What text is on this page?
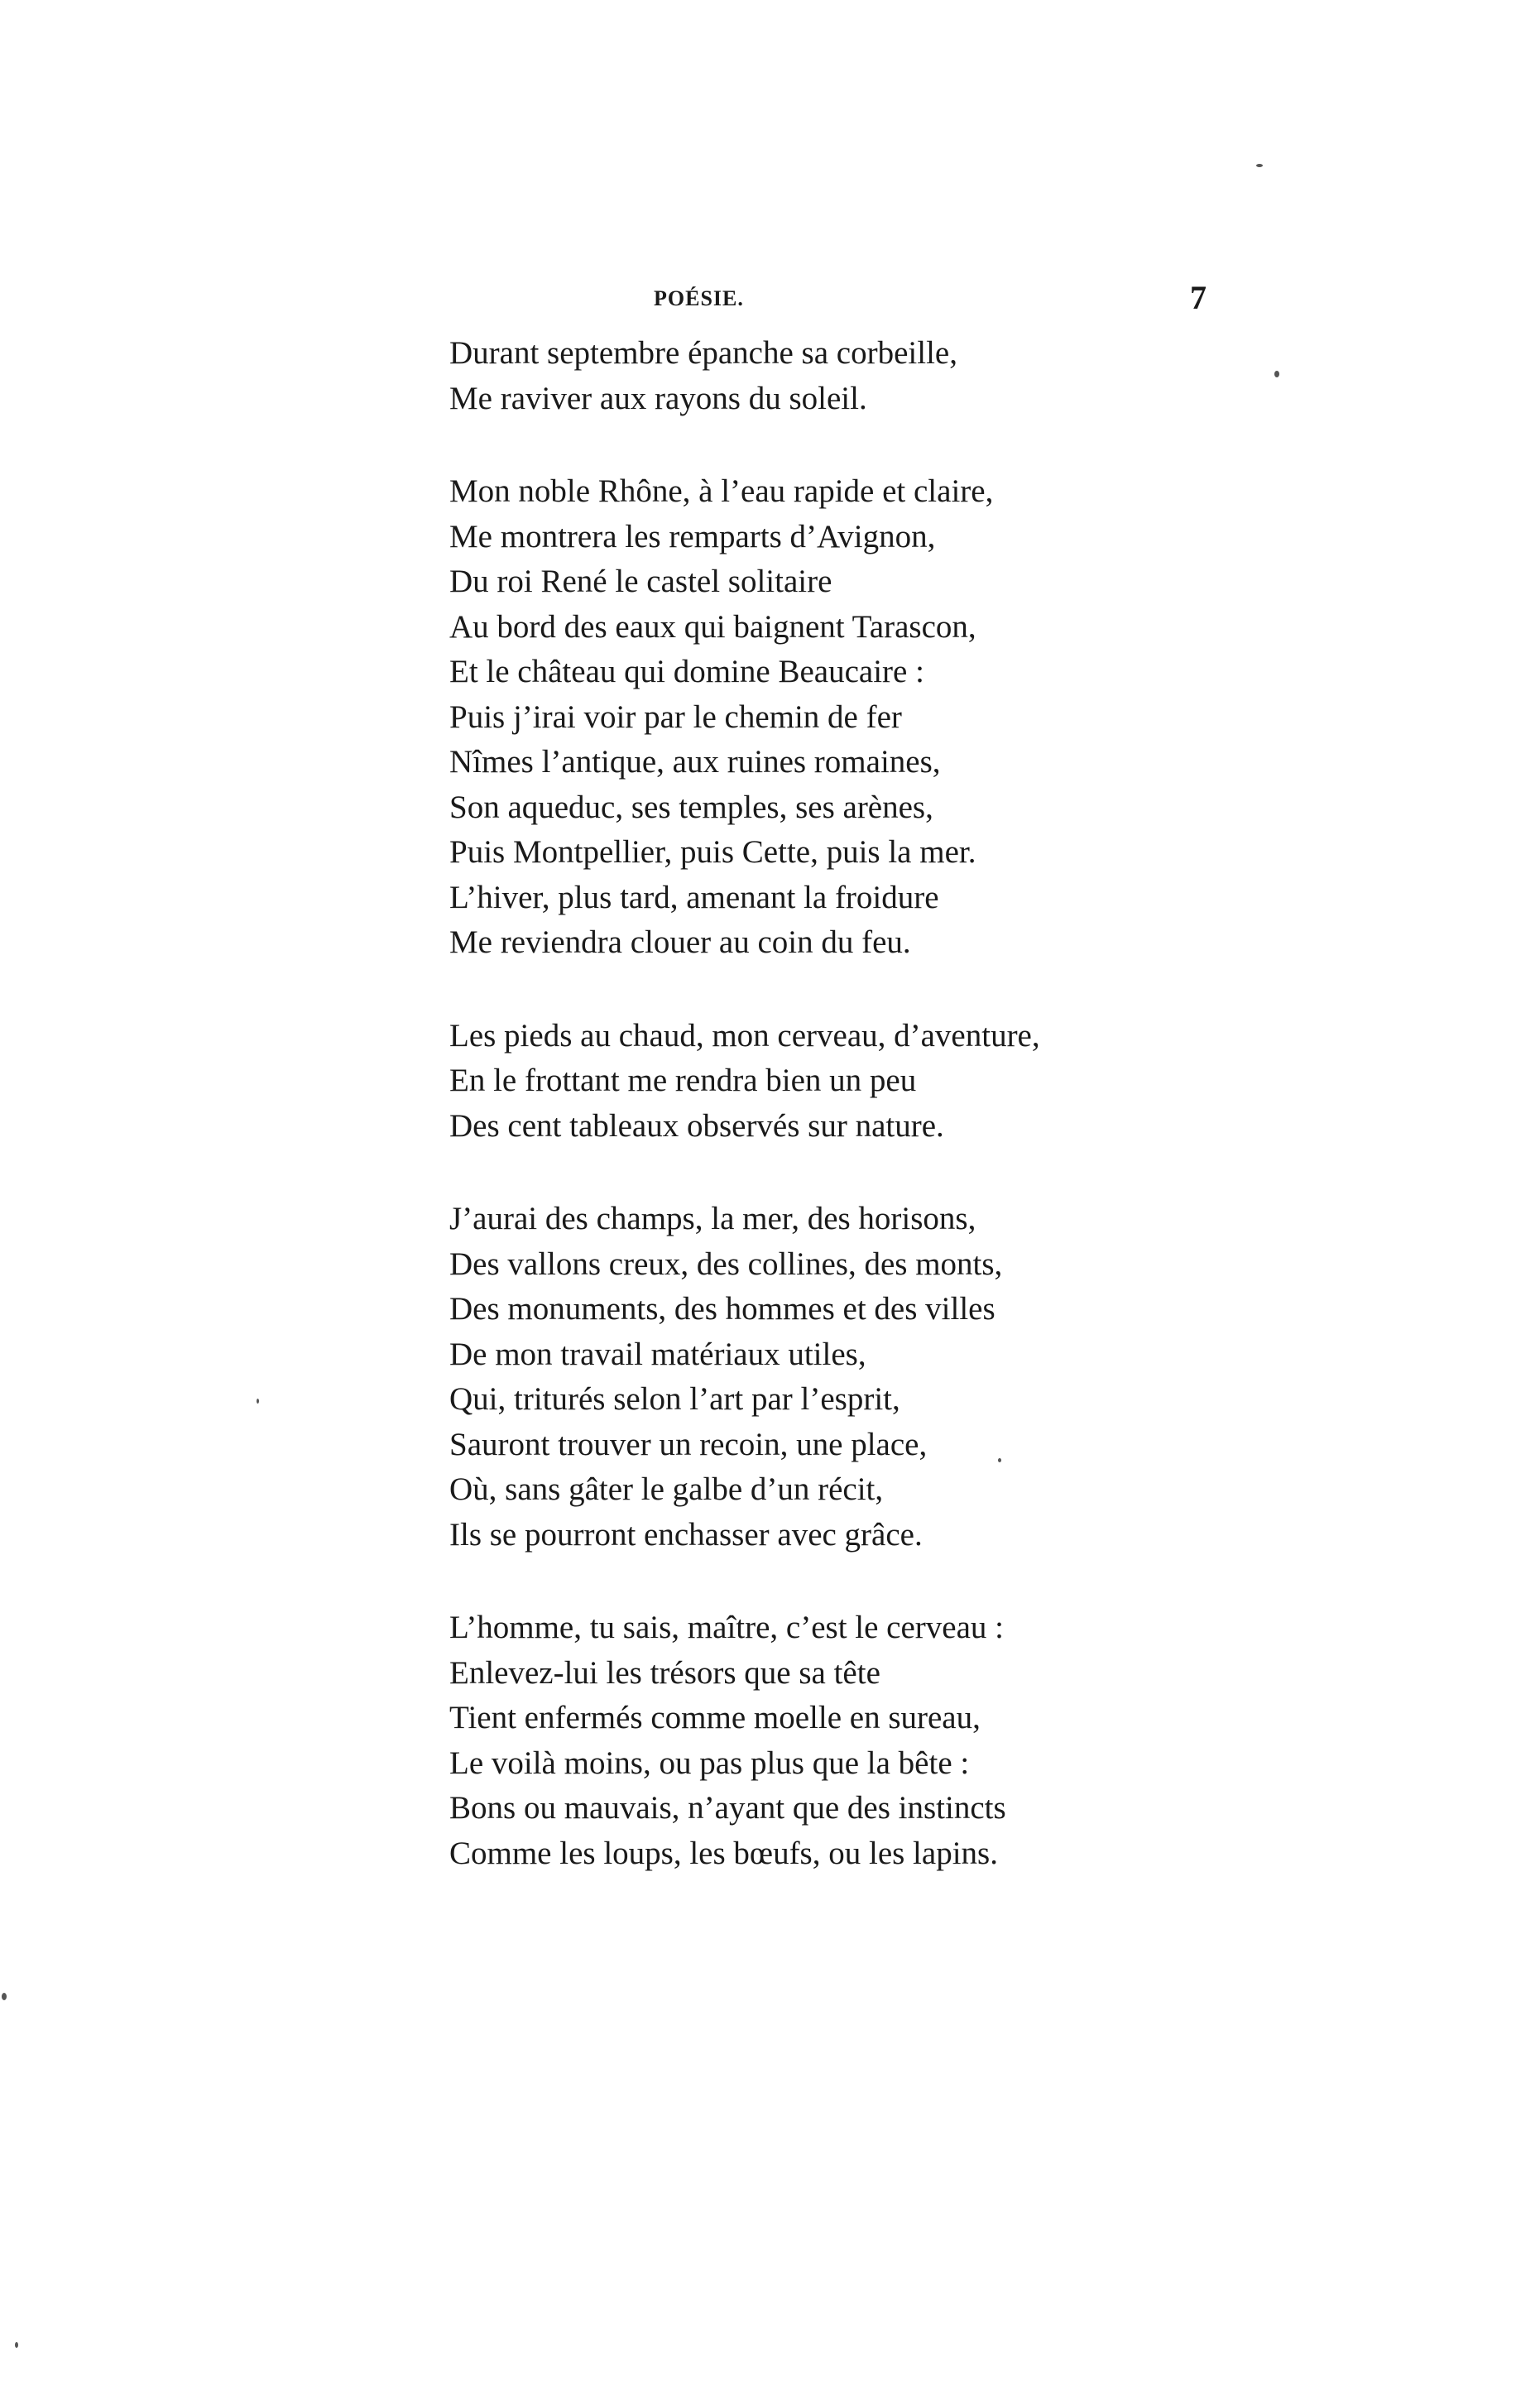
POÉSIE.	7
Durant septembre épanche sa corbeille,
Me raviver aux rayons du soleil.
Mon noble Rhône, à l’eau rapide et claire,
Me montrera les remparts d’Avignon,
Du roi René le castel solitaire
Au bord des eaux qui baignent Tarascon,
Et le château qui domine Beaucaire :
Puis j’irai voir par le chemin de fer
Nîmes l’antique, aux ruines romaines,
Son aqueduc, ses temples, ses arènes,
Puis Montpellier, puis Cette, puis la mer.
L’hiver, plus tard, amenant la froidure
Me reviendra clouer au coin du feu.
Les pieds au chaud, mon cerveau, d’aventure,
En le frottant me rendra bien un peu
Des cent tableaux observés sur nature.
J’aurai des champs, la mer, des horisons,
Des vallons creux, des collines, des monts,
Des monuments, des hommes et des villes
De mon travail matériaux utiles,
Qui, triturés selon l’art par l’esprit,
Sauront trouver un recoin, une place,
Où, sans gâter le galbe d’un récit,
Ils se pourront enchasser avec grâce.
L’homme, tu sais, maître, c’est le cerveau :
Enlevez-lui les trésors que sa tête
Tient enfermés comme moelle en sureau,
Le voilà moins, ou pas plus que la bête :
Bons ou mauvais, n’ayant que des instincts
Comme les loups, les bœufs, ou les lapins.
